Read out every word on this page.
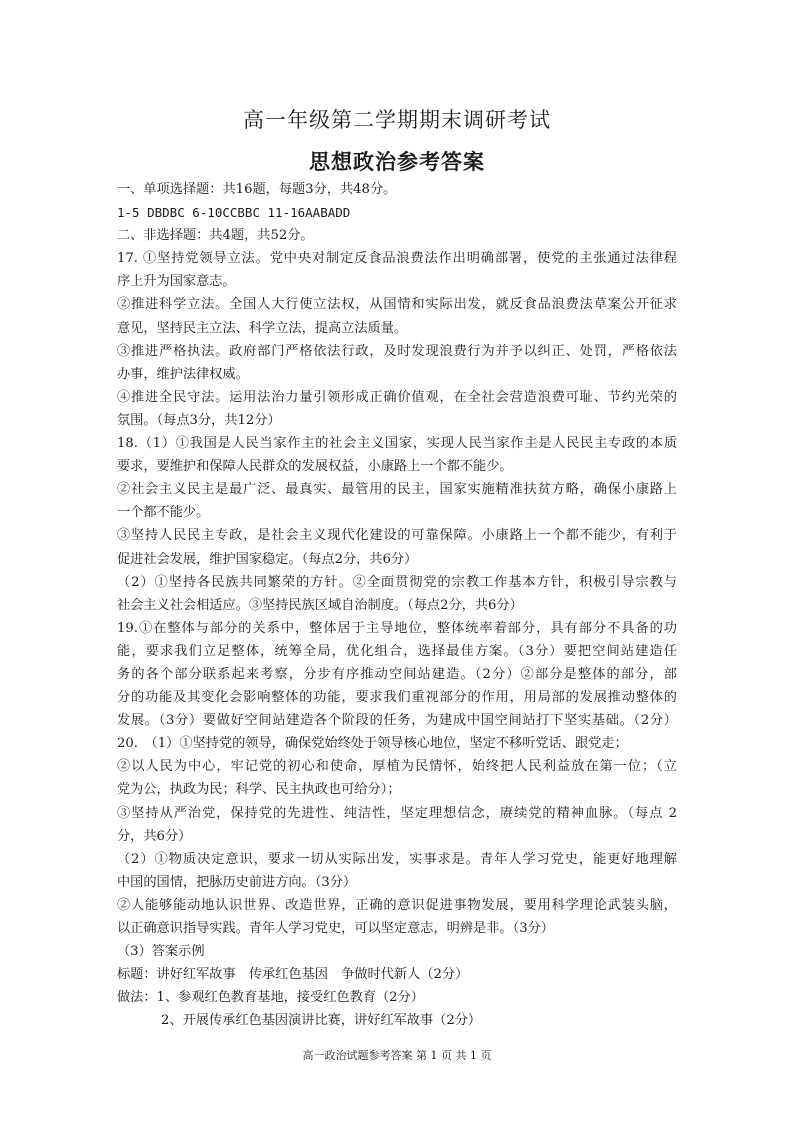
高一年级第二学期期末调研考试
思想政治参考答案
一、单项选择题：共16题，每题3分，共48分。
1-5 DBDBC 6-10CCBBC 11-16AABADD
二、非选择题：共4题，共52分。
17. ①坚持党领导立法。党中央对制定反食品浪费法作出明确部署，使党的主张通过法律程
序上升为国家意志。
②推进科学立法。全国人大行使立法权，从国情和实际出发，就反食品浪费法草案公开征求
意见，坚持民主立法、科学立法，提高立法质量。
③推进严格执法。政府部门严格依法行政，及时发现浪费行为并予以纠正、处罚，严格依法
办事，维护法律权威。
④推进全民守法。运用法治力量引领形成正确价值观，在全社会营造浪费可耻、节约光荣的
氛围。（每点3分，共12分）
18.（1）①我国是人民当家作主的社会主义国家，实现人民当家作主是人民民主专政的本质
要求，要维护和保障人民群众的发展权益，小康路上一个都不能少。
②社会主义民主是最广泛、最真实、最管用的民主，国家实施精准扶贫方略，确保小康路上
一个都不能少。
③坚持人民民主专政，是社会主义现代化建设的可靠保障。小康路上一个都不能少，有利于
促进社会发展，维护国家稳定。（每点2分，共6分）
（2）①坚持各民族共同繁荣的方针。②全面贯彻党的宗教工作基本方针，积极引导宗教与
社会主义社会相适应。③坚持民族区域自治制度。（每点2分，共6分）
19.①在整体与部分的关系中，整体居于主导地位，整体统率着部分，具有部分不具备的功
能，要求我们立足整体，统筹全局，优化组合，选择最佳方案。（3分）要把空间站建造任
务的各个部分联系起来考察，分步有序推动空间站建造。（2分）②部分是整体的部分，部
分的功能及其变化会影响整体的功能，要求我们重视部分的作用，用局部的发展推动整体的
发展。（3分）要做好空间站建造各个阶段的任务，为建成中国空间站打下坚实基础。（2分）
20.　（1）①坚持党的领导，确保党始终处于领导核心地位，坚定不移听党话、跟党走；
②以人民为中心，牢记党的初心和使命，厚植为民情怀，始终把人民利益放在第一位；（立
党为公，执政为民；科学、民主执政也可给分）；
③坚持从严治党，保持党的先进性、纯洁性，坚定理想信念，赓续党的精神血脉。（每点 2
分，共6分）
（2）①物质决定意识，要求一切从实际出发，实事求是。青年人学习党史，能更好地理解
中国的国情，把脉历史前进方向。（3分）
②人能够能动地认识世界、改造世界，正确的意识促进事物发展，要用科学理论武装头脑，
以正确意识指导实践。青年人学习党史，可以坚定意志，明辨是非。（3分）
（3）答案示例
标题：讲好红军故事　传承红色基因　争做时代新人（2分）
做法：1、参观红色教育基地，接受红色教育（2分）
2、开展传承红色基因演讲比赛，讲好红军故事（2分）
高一政治试题参考答案 第 1 页 共 1 页
